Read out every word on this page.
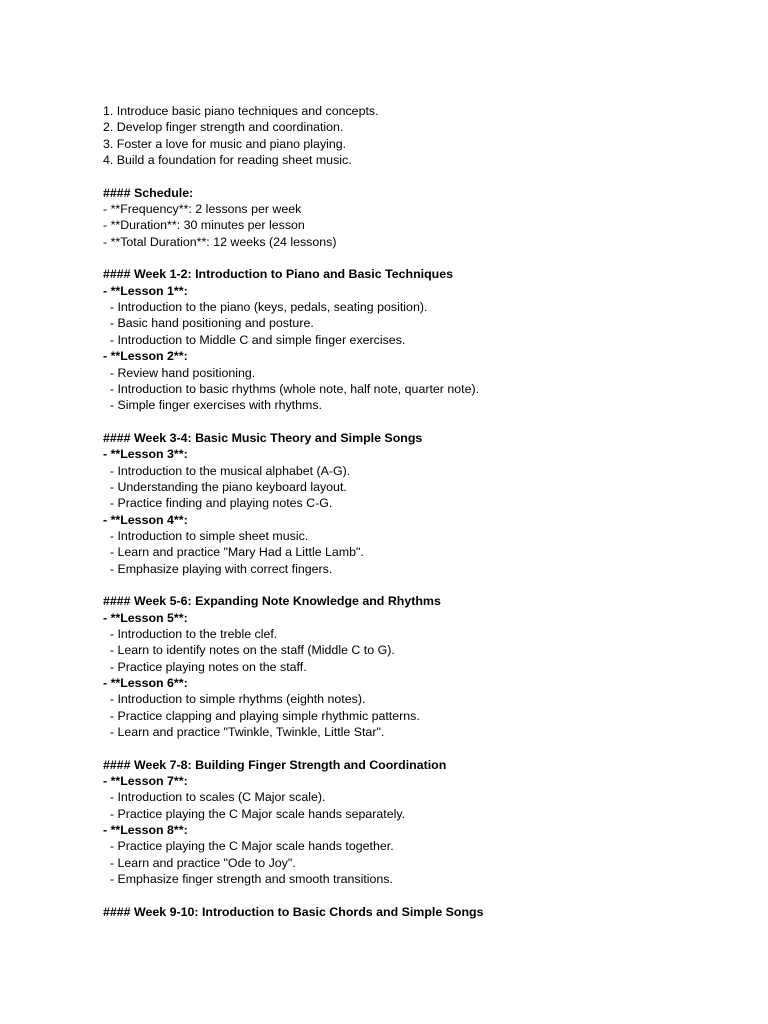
1. Introduce basic piano techniques and concepts.
2. Develop finger strength and coordination.
3. Foster a love for music and piano playing.
4. Build a foundation for reading sheet music.
#### Schedule:
- **Frequency**: 2 lessons per week
- **Duration**: 30 minutes per lesson
- **Total Duration**: 12 weeks (24 lessons)
#### Week 1-2: Introduction to Piano and Basic Techniques
- **Lesson 1**:
- Introduction to the piano (keys, pedals, seating position).
- Basic hand positioning and posture.
- Introduction to Middle C and simple finger exercises.
- **Lesson 2**:
- Review hand positioning.
- Introduction to basic rhythms (whole note, half note, quarter note).
- Simple finger exercises with rhythms.
#### Week 3-4: Basic Music Theory and Simple Songs
- **Lesson 3**:
- Introduction to the musical alphabet (A-G).
- Understanding the piano keyboard layout.
- Practice finding and playing notes C-G.
- **Lesson 4**:
- Introduction to simple sheet music.
- Learn and practice "Mary Had a Little Lamb".
- Emphasize playing with correct fingers.
#### Week 5-6: Expanding Note Knowledge and Rhythms
- **Lesson 5**:
- Introduction to the treble clef.
- Learn to identify notes on the staff (Middle C to G).
- Practice playing notes on the staff.
- **Lesson 6**:
- Introduction to simple rhythms (eighth notes).
- Practice clapping and playing simple rhythmic patterns.
- Learn and practice "Twinkle, Twinkle, Little Star".
#### Week 7-8: Building Finger Strength and Coordination
- **Lesson 7**:
- Introduction to scales (C Major scale).
- Practice playing the C Major scale hands separately.
- **Lesson 8**:
- Practice playing the C Major scale hands together.
- Learn and practice "Ode to Joy".
- Emphasize finger strength and smooth transitions.
#### Week 9-10: Introduction to Basic Chords and Simple Songs
